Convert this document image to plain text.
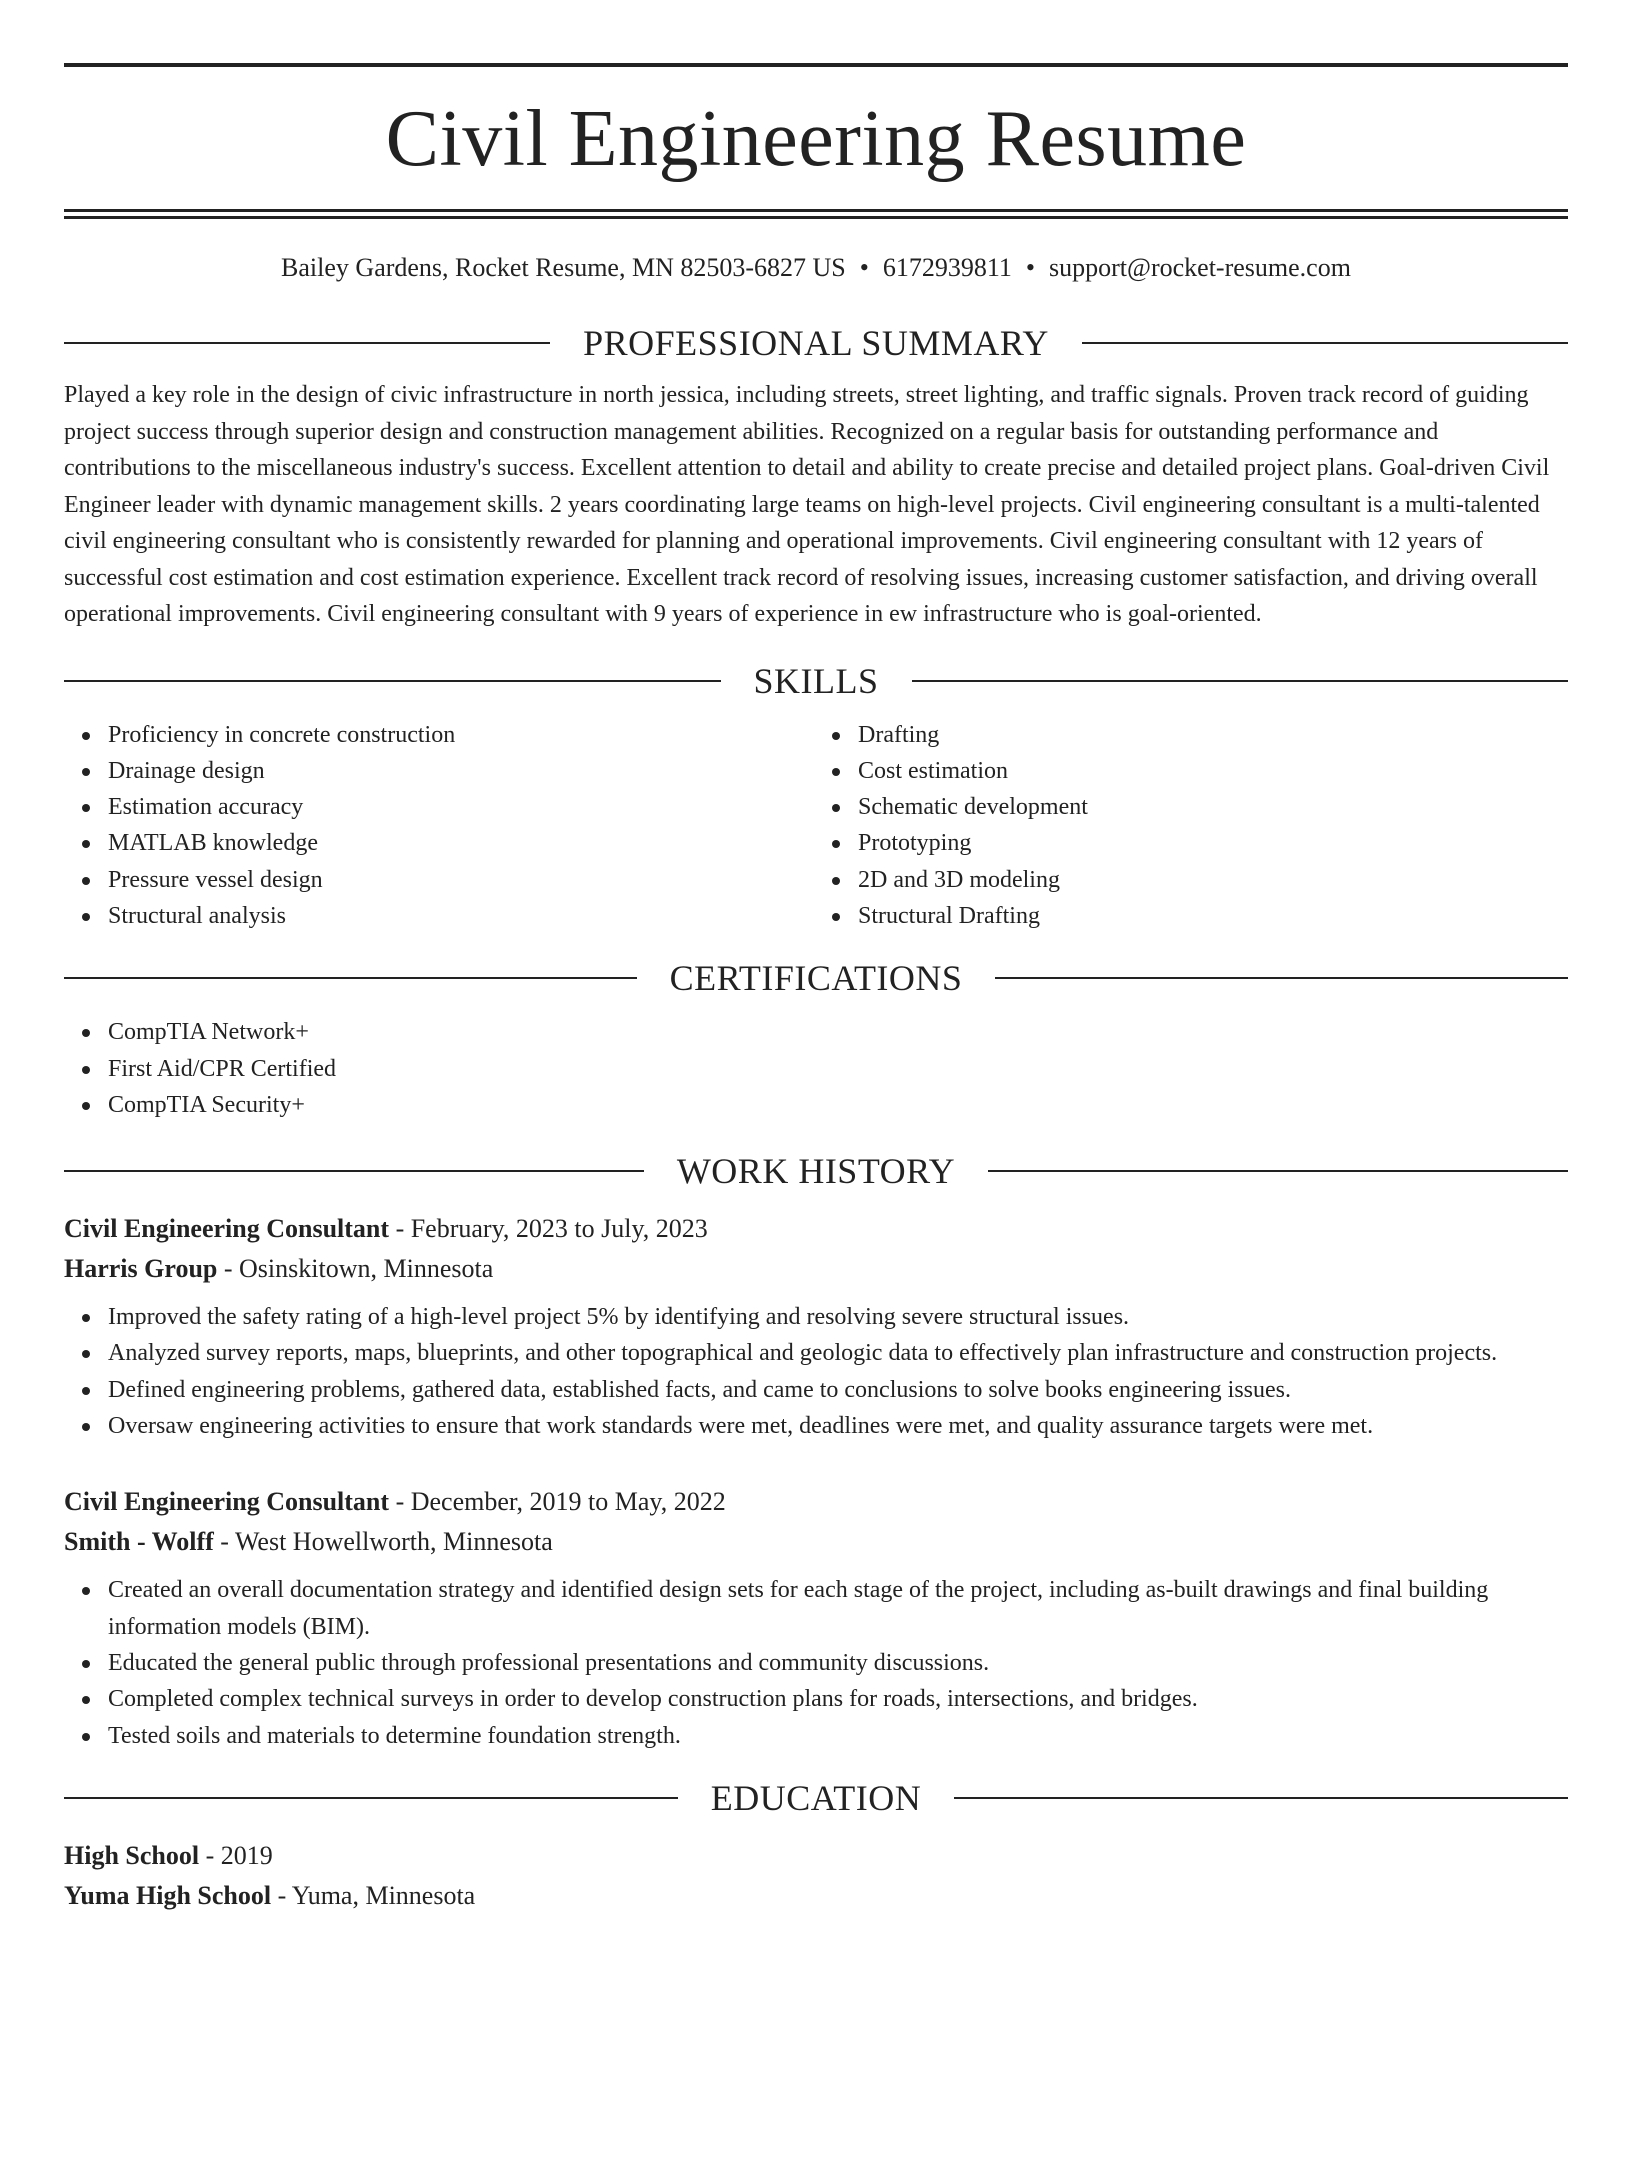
Civil Engineering Resume
Bailey Gardens, Rocket Resume, MN 82503-6827 US • 6172939811 • support@rocket-resume.com
PROFESSIONAL SUMMARY

Played a key role in the design of civic infrastructure in north jessica, including streets, street lighting, and traffic signals. Proven track record of guiding project success through superior design and construction management abilities. Recognized on a regular basis for outstanding performance and contributions to the miscellaneous industry's success. Excellent attention to detail and ability to create precise and detailed project plans. Goal-driven Civil Engineer leader with dynamic management skills. 2 years coordinating large teams on high-level projects. Civil engineering consultant is a multi-talented civil engineering consultant who is consistently rewarded for planning and operational improvements. Civil engineering consultant with 12 years of successful cost estimation and cost estimation experience. Excellent track record of resolving issues, increasing customer satisfaction, and driving overall operational improvements. Civil engineering consultant with 9 years of experience in ew infrastructure who is goal-oriented.

SKILLS
Proficiency in concrete construction
Drainage design
Estimation accuracy
MATLAB knowledge
Pressure vessel design
Structural analysis
Drafting
Cost estimation
Schematic development
Prototyping
2D and 3D modeling
Structural Drafting
CERTIFICATIONS
CompTIA Network+
First Aid/CPR Certified
CompTIA Security+
WORK HISTORY
Civil Engineering Consultant - February, 2023 to July, 2023
Harris Group - Osinskitown, Minnesota
Improved the safety rating of a high-level project 5% by identifying and resolving severe structural issues.
Analyzed survey reports, maps, blueprints, and other topographical and geologic data to effectively plan infrastructure and construction projects.
Defined engineering problems, gathered data, established facts, and came to conclusions to solve books engineering issues.
Oversaw engineering activities to ensure that work standards were met, deadlines were met, and quality assurance targets were met.
Civil Engineering Consultant - December, 2019 to May, 2022
Smith - Wolff - West Howellworth, Minnesota
Created an overall documentation strategy and identified design sets for each stage of the project, including as-built drawings and final building information models (BIM).
Educated the general public through professional presentations and community discussions.
Completed complex technical surveys in order to develop construction plans for roads, intersections, and bridges.
Tested soils and materials to determine foundation strength.
EDUCATION
High School - 2019
Yuma High School - Yuma, Minnesota
